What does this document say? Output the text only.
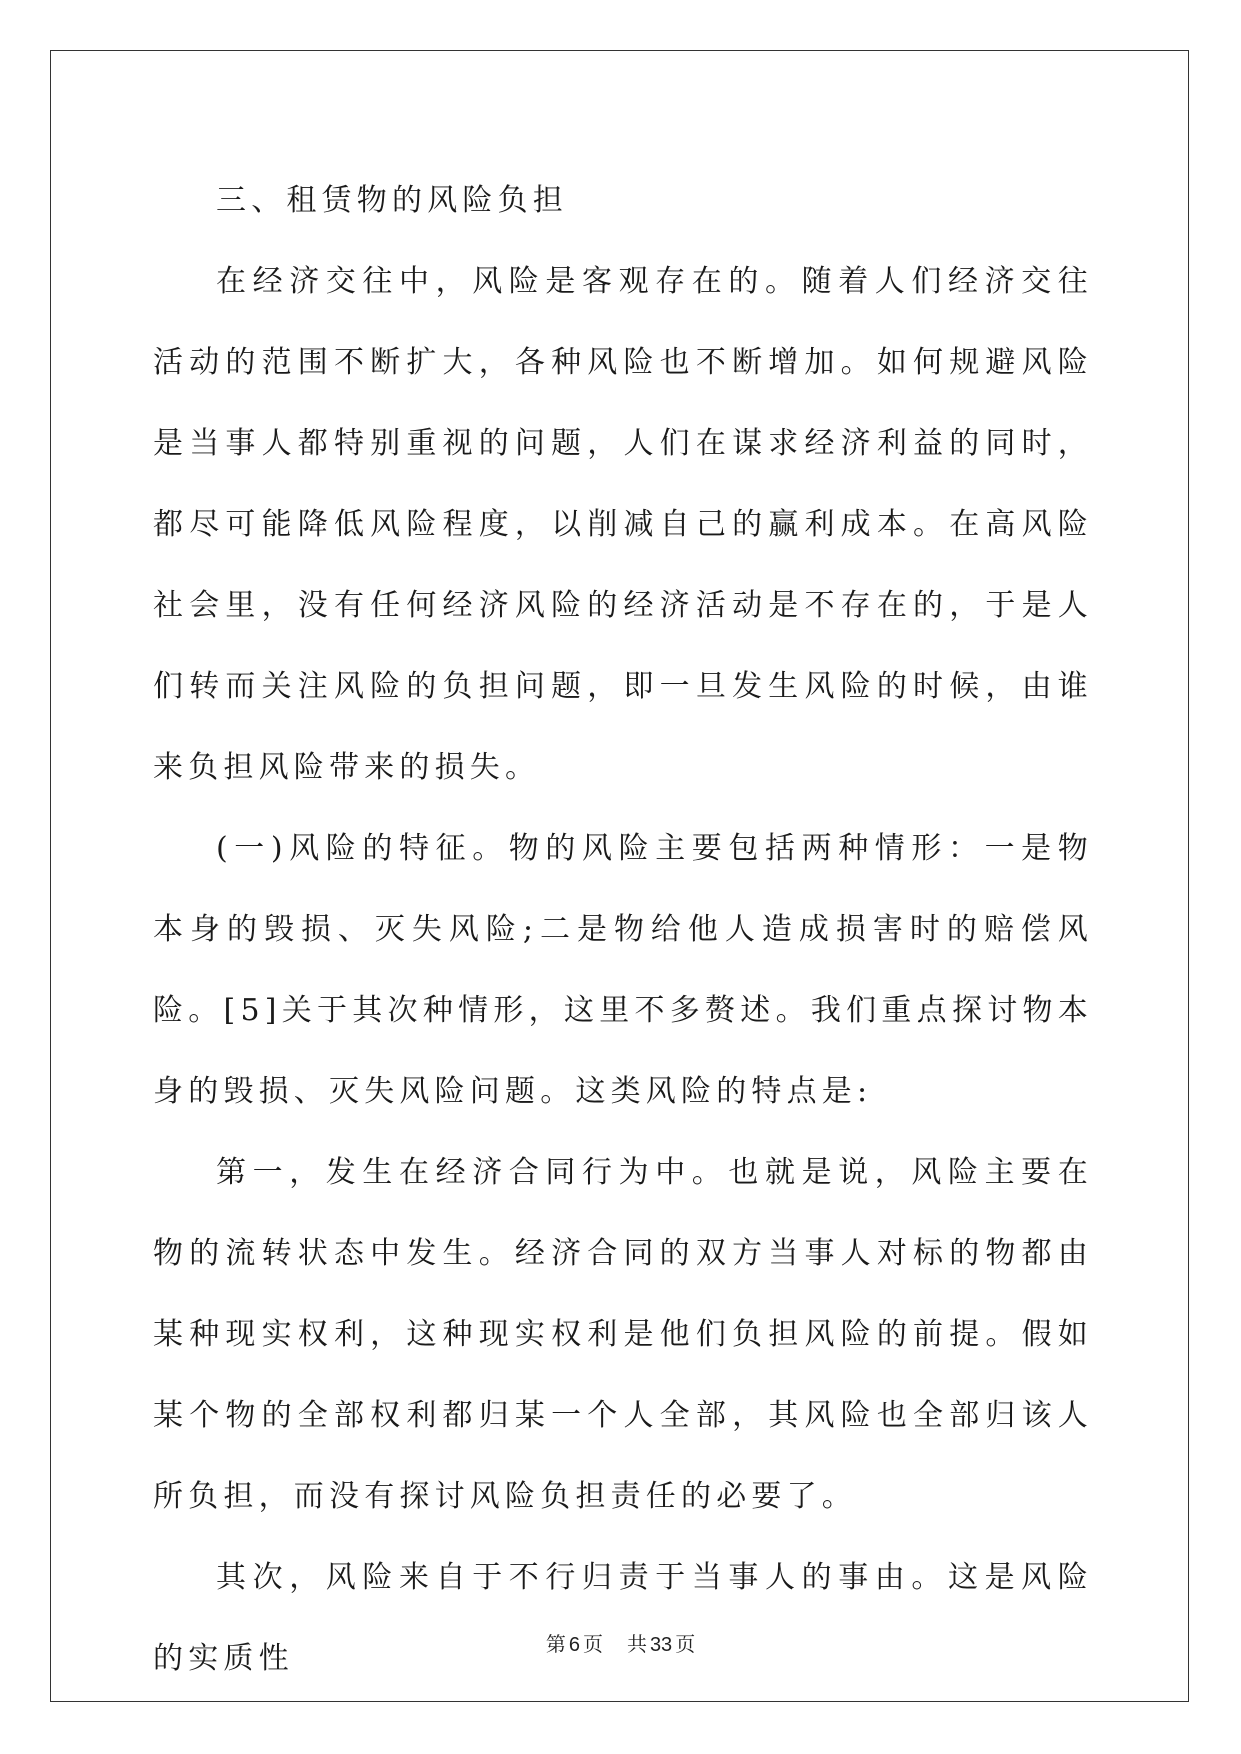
三、租赁物的风险负担

在经济交往中，风险是客观存在的。随着人们经济交往活动的范围不断扩大，各种风险也不断增加。如何规避风险是当事人都特别重视的问题，人们在谋求经济利益的同时，都尽可能降低风险程度，以削减自己的赢利成本。在高风险社会里，没有任何经济风险的经济活动是不存在的，于是人们转而关注风险的负担问题，即一旦发生风险的时候，由谁来负担风险带来的损失。

(一)风险的特征。物的风险主要包括两种情形：一是物本身的毁损、灭失风险;二是物给他人造成损害时的赔偿风险。[5]关于其次种情形，这里不多赘述。我们重点探讨物本身的毁损、灭失风险问题。这类风险的特点是:

第一，发生在经济合同行为中。也就是说，风险主要在物的流转状态中发生。经济合同的双方当事人对标的物都由某种现实权利，这种现实权利是他们负担风险的前提。假如某个物的全部权利都归某一个人全部，其风险也全部归该人所负担，而没有探讨风险负担责任的必要了。

其次，风险来自于不行归责于当事人的事由。这是风险的实质性	第 6 页 共 33 页
